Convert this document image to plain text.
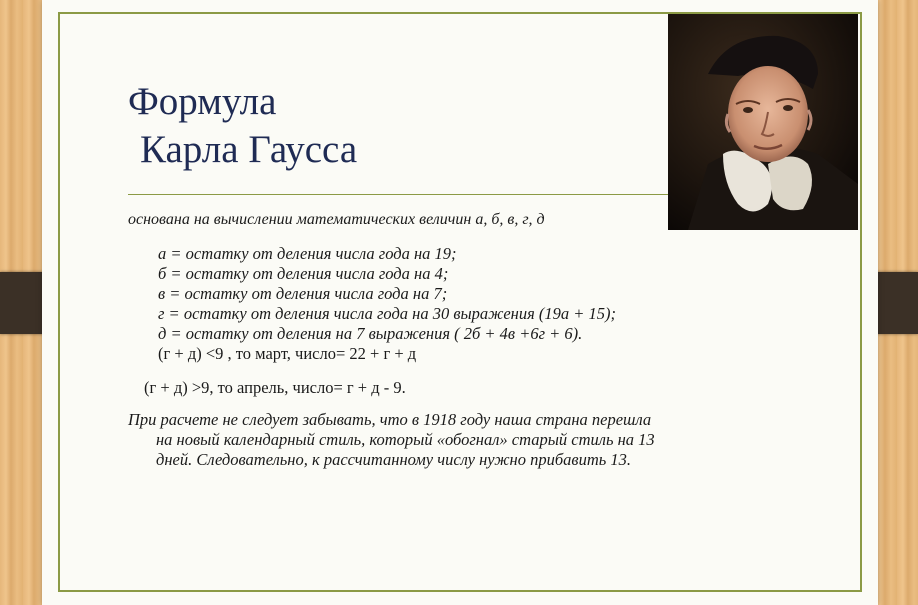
Формула
Карла Гаусса
основана на вычислении математических величин а, б, в, г, д
а = остатку от деления числа года на 19;
б = остатку от деления числа года на 4;
в = остатку от деления числа года на 7;
г = остатку от деления числа года на 30 выражения (19а + 15);
д = остатку от деления на 7 выражения ( 2б + 4в +6г + 6).
(г + д) <9 , то март, число= 22 + г + д
(г + д) >9, то апрель, число= г + д - 9.
При расчете не следует забывать, что в 1918 году наша страна перешла
на новый календарный стиль, который «обогнал» старый стиль на 13
дней. Следовательно, к рассчитанному числу нужно прибавить 13.
